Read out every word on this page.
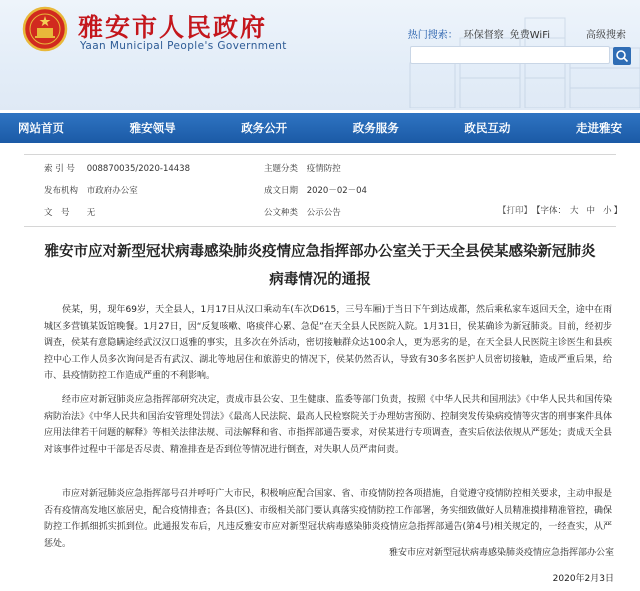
雅安市人民政府
Yaan Municipal People's Government
热门搜索： 环保督察 免费WiFi	高级搜索
网站首页	雅安领导	政务公开	政务服务	政民互动	走进雅安
索 引 号 008870035/2020-14438
发布机构 市政府办公室
文　号 无
主题分类 疫情防控
成文日期 2020－02－04
公文种类 公示公告	【打印】 【字体： 大 中 小 】
雅安市应对新型冠状病毒感染肺炎疫情应急指挥部办公室关于天全县侯某感染新冠肺炎
病毒情况的通报
侯某，男，现年69岁，天全县人，1月17日从汉口乘动车(车次D615，三号车厢)于当日下午到达成都，然后乘私家车返回天全，途中在雨城区多营镇某饭馆晚餐。1月27日，因“反复咳嗽、咯痰伴心累、急促”在天全县人民医院入院。1月31日，侯某确诊为新冠肺炎。目前，经初步调查，侯某有意隐瞒途经武汉汉口返雅的事实，且多次在外活动，密切接触群众达100余人，更为恶劣的是，在天全县人民医院主诊医生和县疾控中心工作人员多次询问是否有武汉、湖北等地居住和旅游史的情况下，侯某仍然否认，导致有30多名医护人员密切接触，造成严重后果，给市、县疫情防控工作造成严重的不利影响。
经市应对新冠肺炎应急指挥部研究决定，责成市县公安、卫生健康、监委等部门负责，按照《中华人民共和国刑法》《中华人民共和国传染病防治法》《中华人民共和国治安管理处罚法》《最高人民法院、最高人民检察院关于办理妨害预防、控制突发传染病疫情等灾害的刑事案件具体应用法律若干问题的解释》等相关法律法规、司法解释和省、市指挥部通告要求，对侯某进行专项调查，查实后依法依规从严惩处；责成天全县对该事件过程中干部是否尽责、精准排查是否到位等情况进行倒查，对失职人员严肃问责。
市应对新冠肺炎应急指挥部号召并呼吁广大市民，积极响应配合国家、省、市疫情防控各项措施，自觉遵守疫情防控相关要求，主动申报是否有疫情高发地区旅居史，配合疫情排查；各县(区)、市级相关部门要认真落实疫情防控工作部署，务实细致做好人员精准摸排精准管控，确保防控工作抓细抓实抓到位。此通报发布后，凡违反雅安市应对新型冠状病毒感染肺炎疫情应急指挥部通告(第4号)相关规定的，一经查实，从严惩处。
雅安市应对新型冠状病毒感染肺炎疫情应急指挥部办公室
2020年2月3日
